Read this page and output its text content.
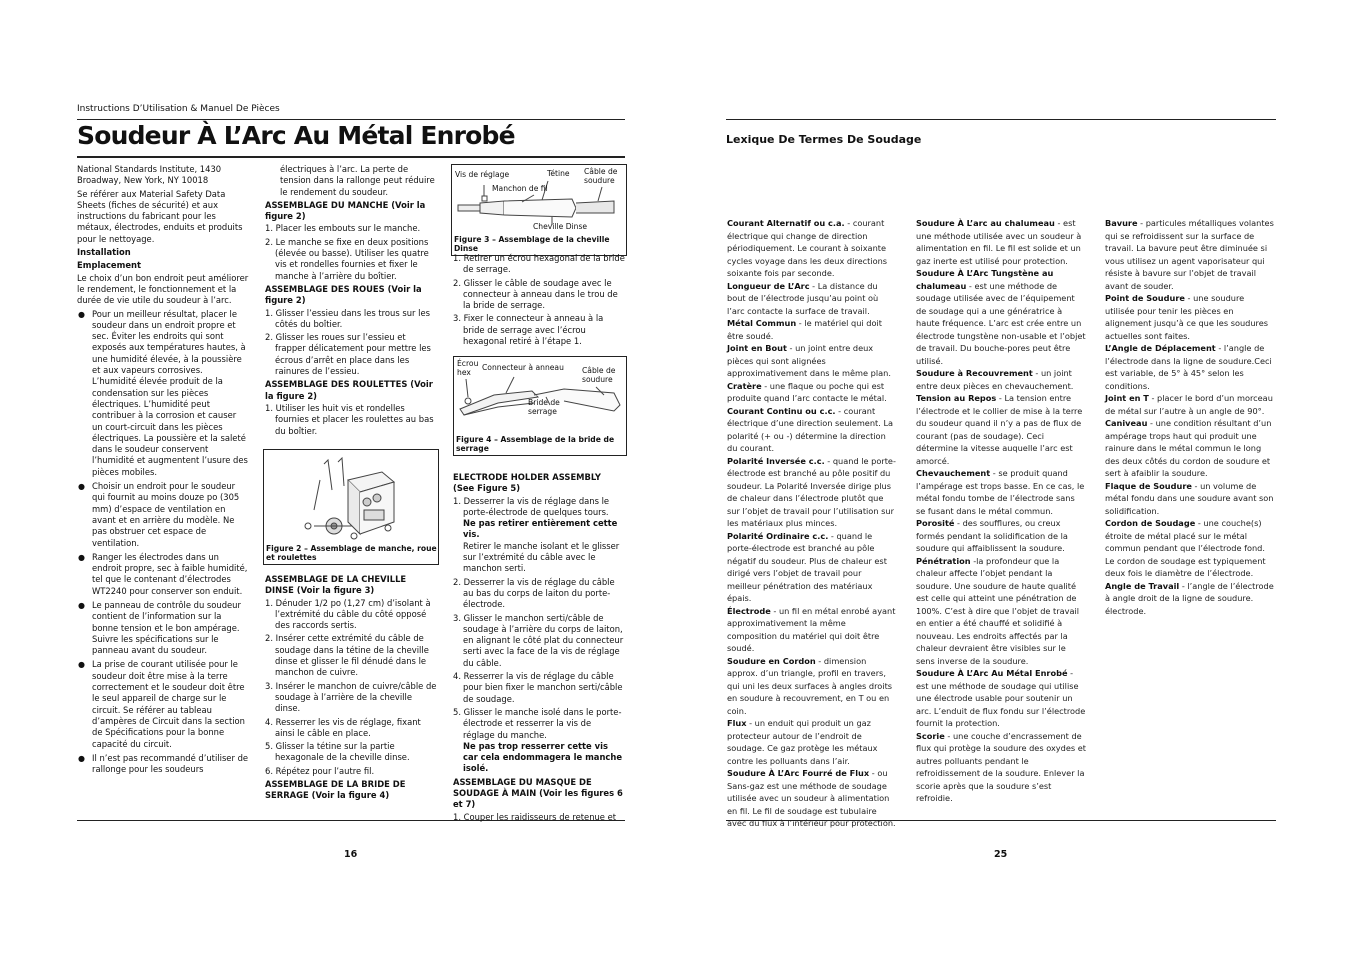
Instructions D’Utilisation & Manuel De Pièces
Soudeur À L’Arc Au Métal Enrobé	Lexique De Termes De Soudage
16	25

National Standards Institute, 1430 Broadway, New York, NY 10018

Se référer aux Material Safety Data Sheets (fiches de sécurité) et aux instructions du fabricant pour les métaux, électrodes, enduits et produits pour le nettoyage.

Installation

Emplacement

Le choix d’un bon endroit peut améliorer le rendement, le fonctionnement et la durée de vie utile du soudeur à l’arc.

● Pour un meilleur résultat, placer le soudeur dans un endroit propre et sec. Éviter les endroits qui sont exposés aux températures hautes, à une humidité élevée, à la poussière et aux vapeurs corrosives. L’humidité élevée produit de la condensation sur les pièces électriques. L’humidité peut contribuer à la corrosion et causer un court-circuit dans les pièces électriques. La poussière et la saleté dans le soudeur conservent l’humidité et augmentent l’usure des pièces mobiles.
● Choisir un endroit pour le soudeur qui fournit au moins douze po (305 mm) d’espace de ventilation en avant et en arrière du modèle. Ne pas obstruer cet espace de ventilation.
● Ranger les électrodes dans un endroit propre, sec à faible humidité, tel que le contenant d’électrodes WT2240 pour conserver son enduit.
● Le panneau de contrôle du soudeur contient de l’information sur la bonne tension et le bon ampérage. Suivre les spécifications sur le panneau avant du soudeur.
● La prise de courant utilisée pour le soudeur doit être mise à la terre correctement et le soudeur doit être le seul appareil de charge sur le circuit. Se référer au tableau d’ampères de Circuit dans la section de Spécifications pour la bonne capacité du circuit.
● Il n’est pas recommandé d’utiliser de rallonge pour les soudeurs

électriques à l’arc. La perte de tension dans la rallonge peut réduire le rendement du soudeur.

ASSEMBLAGE DU MANCHE (Voir la figure 2)

1. Placer les embouts sur le manche.

2. Le manche se fixe en deux positions (élevée ou basse). Utiliser les quatre vis et rondelles fournies et fixer le manche à l’arrière du boîtier.

ASSEMBLAGE DES ROUES (Voir la figure 2)

1. Glisser l’essieu dans les trous sur les côtés du boîtier.

2. Glisser les roues sur l’essieu et frapper délicatement pour mettre les écrous d’arrêt en place dans les rainures de l’essieu.

ASSEMBLAGE DES ROULETTES (Voir la figure 2)

1. Utiliser les huit vis et rondelles fournies et placer les roulettes au bas du boîtier.

Figure 2 – Assemblage de manche, roue et roulettes

ASSEMBLAGE DE LA CHEVILLE DINSE (Voir la figure 3)

1. Dénuder 1/2 po (1,27 cm) d’isolant à l’extrémité du câble du côté opposé des raccords sertis.

2. Insérer cette extrémité du câble de soudage dans la tétine de la cheville dinse et glisser le fil dénudé dans le manchon de cuivre.

3. Insérer le manchon de cuivre/câble de soudage à l’arrière de la cheville dinse.

4. Resserrer les vis de réglage, fixant ainsi le câble en place.

5. Glisser la tétine sur la partie hexagonale de la cheville dinse.

6. Répétez pour l’autre fil.

ASSEMBLAGE DE LA BRIDE DE SERRAGE (Voir la figure 4)

Vis de réglage	Tétine Câble de soudure
Manchon de fil
Cheville Dinse
Figure 3 – Assemblage de la cheville Dinse

1. Retirer un écrou hexagonal de la bride de serrage.

2. Glisser le câble de soudage avec le connecteur à anneau dans le trou de la bride de serrage.

3. Fixer le connecteur à anneau à la bride de serrage avec l’écrou hexagonal retiré à l’étape 1.

Écrou hex
Connecteur à anneau Câble de soudure
Bride de serrage
Figure 4 – Assemblage de la bride de serrage

ELECTRODE HOLDER ASSEMBLY (See Figure 5)

1. Desserrer la vis de réglage dans le porte-électrode de quelques tours.

Ne pas retirer entièrement cette vis.

Retirer le manche isolant et le glisser sur l’extrémité du câble avec le manchon serti.

2. Desserrer la vis de réglage du câble au bas du corps de laiton du porte-électrode.

3. Glisser le manchon serti/câble de soudage à l’arrière du corps de laiton, en alignant le côté plat du connecteur serti avec la face de la vis de réglage du câble.

4. Resserrer la vis de réglage du câble pour bien fixer le manchon serti/câble de soudage.

5. Glisser le manche isolé dans le porte-électrode et resserrer la vis de réglage du manche.

Ne pas trop resserrer cette vis car cela endommagera le manche isolé.

ASSEMBLAGE DU MASQUE DE SOUDAGE À MAIN (Voir les figures 6 et 7)

1. Couper les raidisseurs de retenue et

Courant Alternatif ou c.a. - courant électrique qui change de direction périodiquement. Le courant à soixante cycles voyage dans les deux directions soixante fois par seconde.

Longueur de L’Arc - La distance du bout de l’électrode jusqu’au point où l’arc contacte la surface de travail.

Métal Commun - le matériel qui doit être soudé.

Joint en Bout - un joint entre deux pièces qui sont alignées approximativement dans le même plan.

Cratère - une flaque ou poche qui est produite quand l’arc contacte le métal.

Courant Continu ou c.c. - courant électrique d’une direction seulement. La polarité (+ ou -) détermine la direction du courant.

Polarité Inversée c.c. - quand le porte-électrode est branché au pôle positif du soudeur. La Polarité Inversée dirige plus de chaleur dans l’électrode plutôt que sur l’objet de travail pour l’utilisation sur les matériaux plus minces.

Polarité Ordinaire c.c. - quand le porte-électrode est branché au pôle négatif du soudeur. Plus de chaleur est dirigé vers l’objet de travail pour meilleur pénétration des matériaux épais.

Électrode - un fil en métal enrobé ayant approximativement la même composition du matériel qui doit être soudé.

Soudure en Cordon - dimension approx. d’un triangle, profil en travers, qui uni les deux surfaces à angles droits en soudure à recouvrement, en T ou en coin.

Flux - un enduit qui produit un gaz protecteur autour de l’endroit de soudage. Ce gaz protège les métaux contre les polluants dans l’air.

Soudure À L’Arc Fourré de Flux - ou Sans-gaz est une méthode de soudage utilisée avec un soudeur à alimentation en fil. Le fil de soudage est tubulaire avec du flux à l’intérieur pour protection.

Soudure À L’arc au chalumeau - est une méthode utilisée avec un soudeur à alimentation en fil. Le fil est solide et un gaz inerte est utilisé pour protection.

Soudure À L’Arc Tungstène au chalumeau - est une méthode de soudage utilisée avec de l’équipement de soudage qui a une génératrice à haute fréquence. L’arc est crée entre un électrode tungstène non-usable et l’objet de travail. Du bouche-pores peut être utilisé.

Soudure à Recouvrement - un joint entre deux pièces en chevauchement.

Tension au Repos - La tension entre l’électrode et le collier de mise à la terre du soudeur quand il n’y a pas de flux de courant (pas de soudage). Ceci détermine la vitesse auquelle l’arc est amorcé.

Chevauchement - se produit quand l’ampérage est trops basse. En ce cas, le métal fondu tombe de l’électrode sans se fusant dans le métal commun.

Porosité - des soufflures, ou creux formés pendant la solidification de la soudure qui affaiblissent la soudure.

Pénétration -la profondeur que la chaleur affecte l’objet pendant la soudure. Une soudure de haute qualité est celle qui atteint une pénétration de 100%. C’est à dire que l’objet de travail en entier a été chauffé et solidifié à nouveau. Les endroits affectés par la chaleur devraient être visibles sur le sens inverse de la soudure.

Soudure À L’Arc Au Métal Enrobé - est une méthode de soudage qui utilise une électrode usable pour soutenir un arc. L’enduit de flux fondu sur l’électrode fournit la protection.

Scorie - une couche d’encrassement de flux qui protège la soudure des oxydes et autres polluants pendant le refroidissement de la soudure. Enlever la scorie après que la soudure s’est refroidie.

Bavure - particules métalliques volantes qui se refroidissent sur la surface de travail. La bavure peut être diminuée si vous utilisez un agent vaporisateur qui résiste à bavure sur l’objet de travail avant de souder.

Point de Soudure - une soudure utilisée pour tenir les pièces en alignement jusqu’à ce que les soudures actuelles sont faites.

L’Angle de Déplacement - l’angle de l’électrode dans la ligne de soudure.Ceci est variable, de 5° à 45° selon les conditions.

Joint en T - placer le bord d’un morceau de métal sur l’autre à un angle de 90°.

Caniveau - une condition résultant d’un ampérage trops haut qui produit une rainure dans le métal commun le long des deux côtés du cordon de soudure et sert à afaiblir la soudure.

Flaque de Soudure - un volume de métal fondu dans une soudure avant son solidification.

Cordon de Soudage - une couche(s) étroite de métal placé sur le métal commun pendant que l’électrode fond. Le cordon de soudage est typiquement deux fois le diamètre de l’électrode.

Angle de Travail - l’angle de l’électrode à angle droit de la ligne de soudure. électrode.
